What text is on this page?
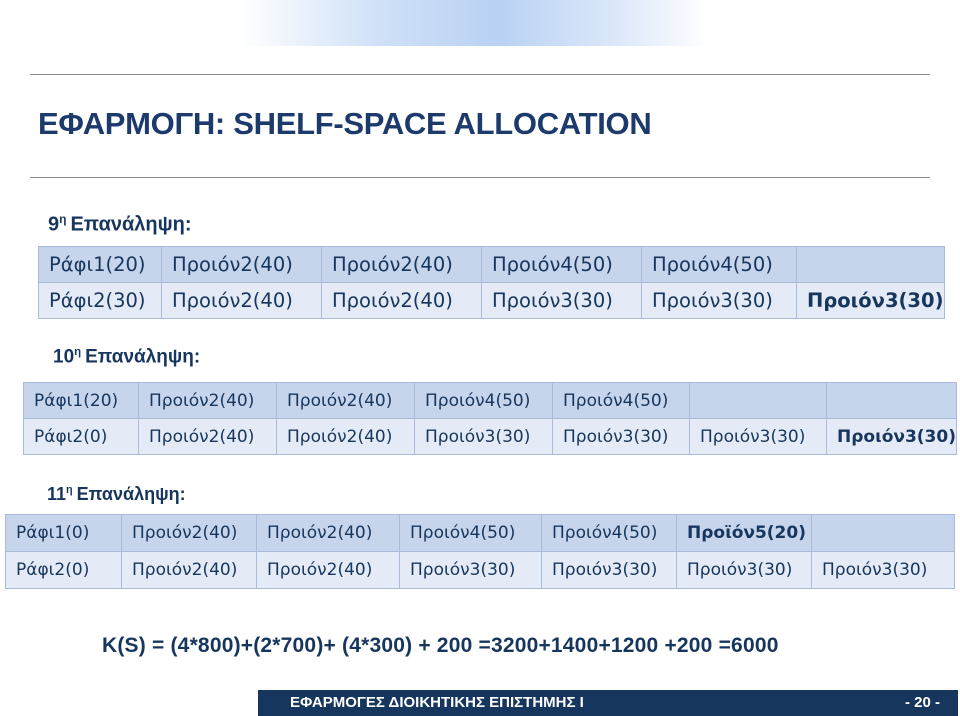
ΕΦΑΡΜΟΓΗ: SHELF-SPACE ALLOCATION
$9^\eta$ Επανάληψη:
Ράφι1(20)	Προιόν2(40)	Προιόν2(40)	Προιόν4(50)	Προιόν4(50)	
Ράφι2(30)	Προιόν2(40)	Προιόν2(40)	Προιόν3(30)	Προιόν3(30)	Προιόν3(30)
$10^\eta$ Επανάληψη:
Ράφι1(20)	Προιόν2(40)	Προιόν2(40)	Προιόν4(50)	Προιόν4(50)		
Ράφι2(0)	Προιόν2(40)	Προιόν2(40)	Προιόν3(30)	Προιόν3(30)	Προιόν3(30)	Προιόν3(30)
$11^\eta$ Επανάληψη:
Ράφι1(0)	Προιόν2(40)	Προιόν2(40)	Προιόν4(50)	Προιόν4(50)	Προϊόν5(20)	
Ράφι2(0)	Προιόν2(40)	Προιόν2(40)	Προιόν3(30)	Προιόν3(30)	Προιόν3(30)	Προιόν3(30)
K(S) = (4*800)+(2*700)+ (4*300) + 200 =3200+1400+1200 +200 =6000
ΕΦΑΡΜΟΓΕΣ ΔΙΟΙΚΗΤΙΚΗΣ ΕΠΙΣΤΗΜΗΣ Ι	- 20 -
